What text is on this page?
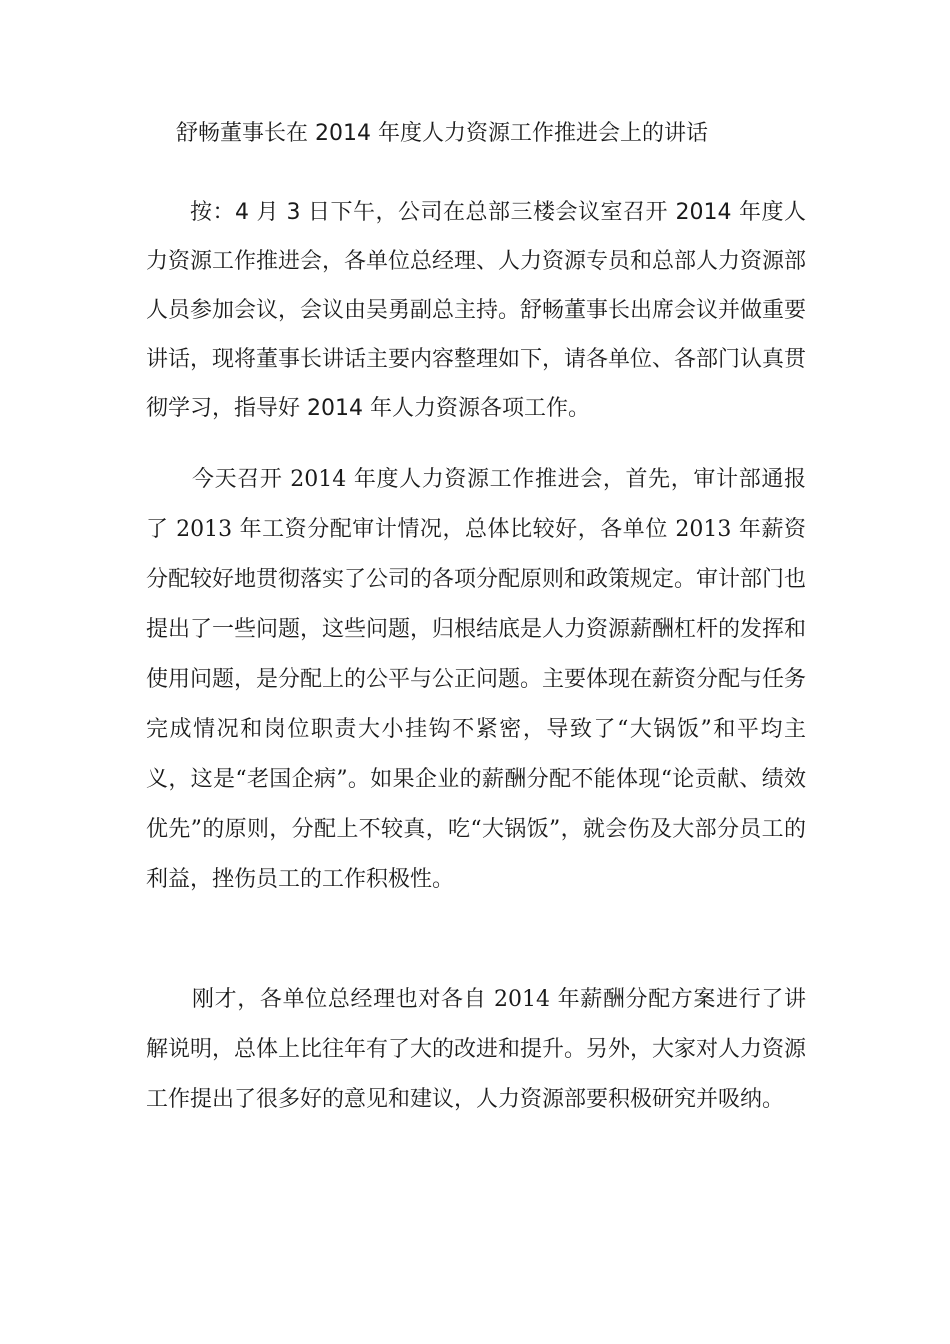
舒畅董事长在 2014 年度人力资源工作推进会上的讲话

按：4 月 3 日下午，公司在总部三楼会议室召开 2014 年度人力资源工作推进会，各单位总经理、人力资源专员和总部人力资源部人员参加会议，会议由吴勇副总主持。舒畅董事长出席会议并做重要讲话，现将董事长讲话主要内容整理如下，请各单位、各部门认真贯彻学习，指导好 2014 年人力资源各项工作。

今天召开 2014 年度人力资源工作推进会，首先，审计部通报了 2013 年工资分配审计情况，总体比较好，各单位 2013 年薪资分配较好地贯彻落实了公司的各项分配原则和政策规定。审计部门也提出了一些问题，这些问题，归根结底是人力资源薪酬杠杆的发挥和使用问题，是分配上的公平与公正问题。主要体现在薪资分配与任务完成情况和岗位职责大小挂钩不紧密，导致了“大锅饭”和平均主义，这是“老国企病”。如果企业的薪酬分配不能体现“论贡献、绩效优先”的原则，分配上不较真，吃“大锅饭”，就会伤及大部分员工的利益，挫伤员工的工作积极性。

刚才，各单位总经理也对各自 2014 年薪酬分配方案进行了讲解说明，总体上比往年有了大的改进和提升。另外，大家对人力资源工作提出了很多好的意见和建议，人力资源部要积极研究并吸纳。
